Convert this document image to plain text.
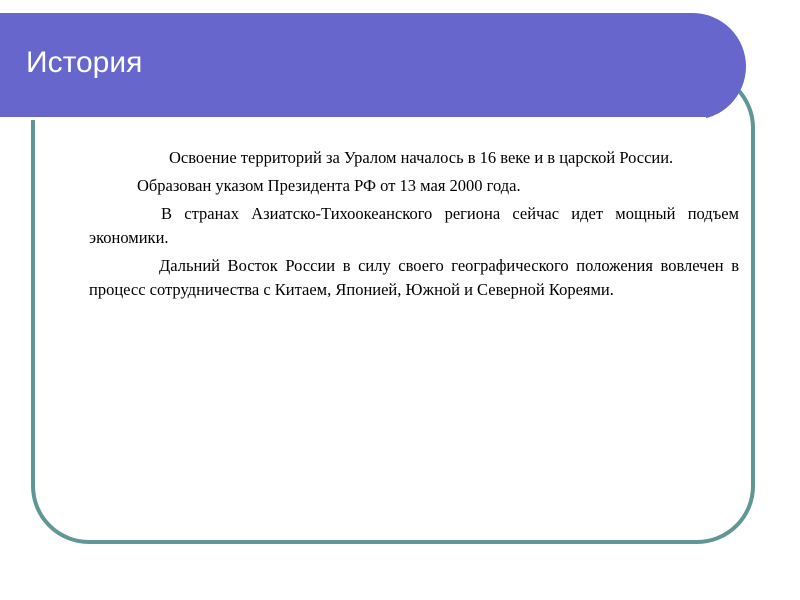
История

Освоение территорий за Уралом началось в 16 веке и в царской России.

Образован указом Президента РФ от 13 мая 2000 года.

В странах Азиатско-Тихоокеанского региона сейчас идет мощный подъем экономики.

Дальний Восток России в силу своего географического положения вовлечен в процесс сотрудничества с Китаем, Японией, Южной и Северной Кореями.
